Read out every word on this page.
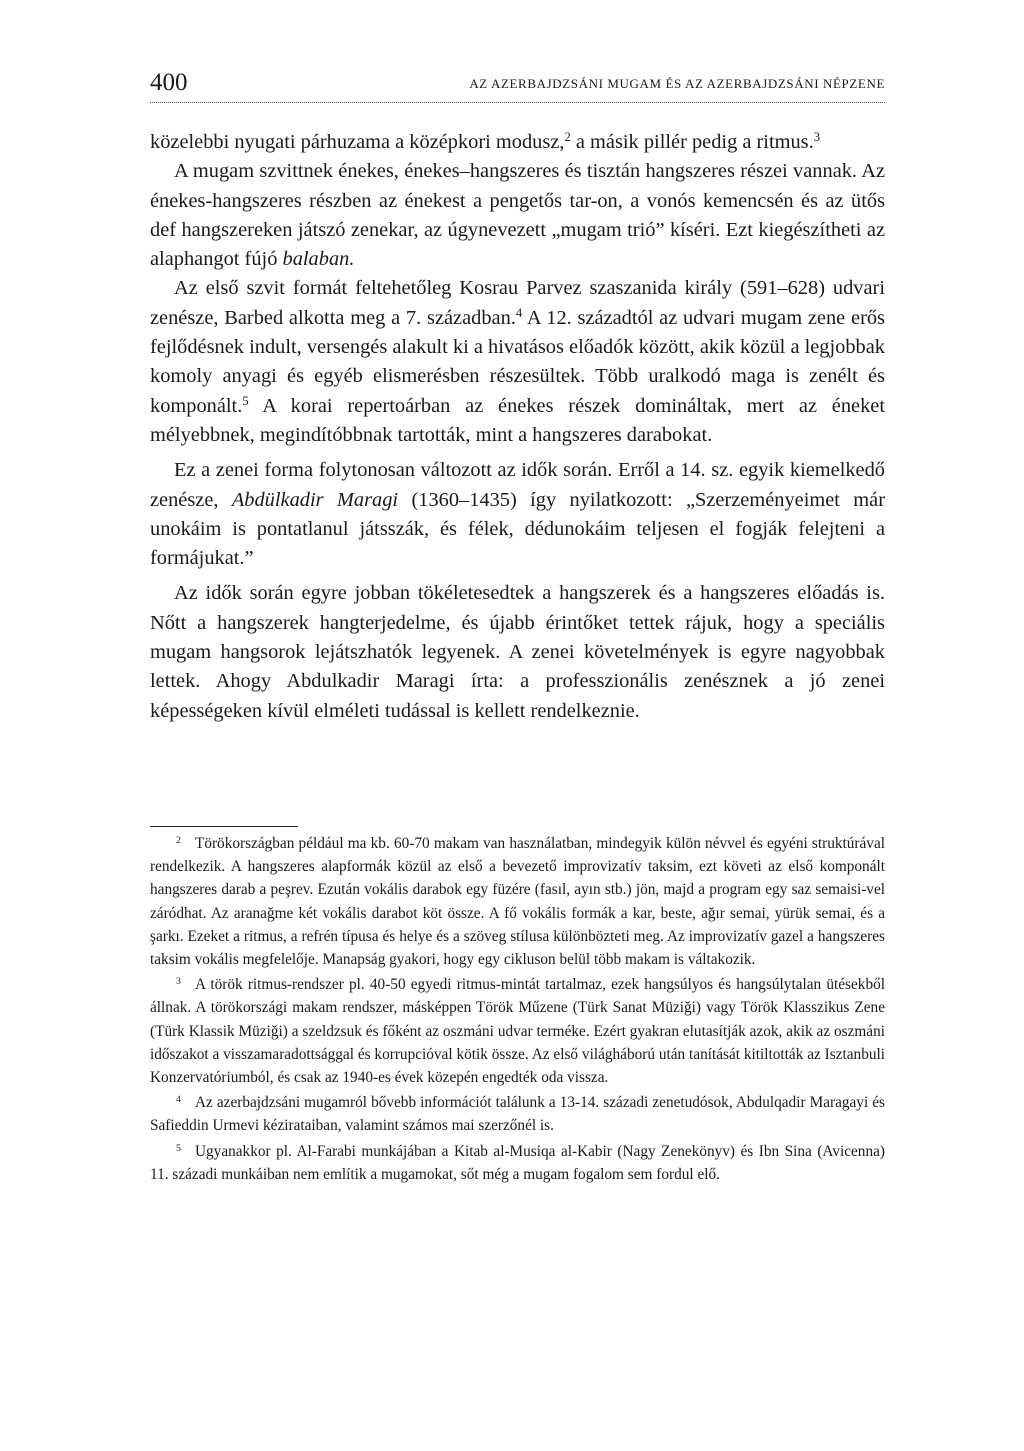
400	AZ AZERBAJDZSÁNI MUGAM ÉS AZ AZERBAJDZSÁNI NÉPZENE

közelebbi nyugati párhuzama a középkori modusz,$^2$ a másik pillér pedig a ritmus.$^3$

A mugam szvittnek énekes, énekes–hangszeres és tisztán hangszeres részei vannak. Az énekes-hangszeres részben az énekest a pengetős tar-on, a vonós kemencsén és az ütős def hangszereken játszó zenekar, az úgynevezett „mugam trió” kíséri. Ezt kiegészítheti az alaphangot fújó balaban.

Az első szvit formát feltehetőleg Kosrau Parvez szaszanida király (591–628) udvari zenésze, Barbed alkotta meg a 7. században.$^4$ A 12. századtól az udvari mugam zene erős fejlődésnek indult, versengés alakult ki a hivatásos előadók között, akik közül a legjobbak komoly anyagi és egyéb elismerésben részesültek. Több uralkodó maga is zenélt és komponált.$^5$ A korai repertoárban az énekes részek domináltak, mert az éneket mélyebbnek, megindítóbbnak tartották, mint a hangszeres darabokat.

Ez a zenei forma folytonosan változott az idők során. Erről a 14. sz. egyik kiemelkedő zenésze, Abdülkadir Maragi (1360–1435) így nyilatkozott: „Szerzeményeimet már unokáim is pontatlanul játsszák, és félek, dédunokáim teljesen el fogják felejteni a formájukat.”

Az idők során egyre jobban tökéletesedtek a hangszerek és a hangszeres előadás is. Nőtt a hangszerek hangterjedelme, és újabb érintőket tettek rájuk, hogy a speciális mugam hangsorok lejátszhatók legyenek. A zenei követelmények is egyre nagyobbak lettek. Ahogy Abdulkadir Maragi írta: a professzionális zenésznek a jó zenei képességeken kívül elméleti tudással is kellett rendelkeznie.

$^2$ Törökországban például ma kb. 60-70 makam van használatban, mindegyik külön névvel és egyéni struktúrával rendelkezik. A hangszeres alapformák közül az első a bevezető improvizatív taksim, ezt követi az első komponált hangszeres darab a peşrev. Ezután vokális darabok egy füzére (fasıl, ayın stb.) jön, majd a program egy saz semaisi-vel záródhat. Az aranağme két vokális darabot köt össze. A fő vokális formák a kar, beste, ağır semai, yürük semai, és a şarkı. Ezeket a ritmus, a refrén típusa és helye és a szöveg stílusa különbözteti meg. Az improvizatív gazel a hangszeres taksim vokális megfelelője. Manapság gyakori, hogy egy cikluson belül több makam is váltakozik.

$^3$ A török ritmus-rendszer pl. 40-50 egyedi ritmus-mintát tartalmaz, ezek hangsúlyos és hangsúlytalan ütésekből állnak. A törökországi makam rendszer, másképpen Török Műzene (Türk Sanat Müziği) vagy Török Klasszikus Zene (Türk Klassik Müziği) a szeldzsuk és főként az oszmáni udvar terméke. Ezért gyakran elutasítják azok, akik az oszmáni időszakot a visszamaradottsággal és korrupcióval kötik össze. Az első világháború után tanítását kitiltották az Isztanbuli Konzervatóriumból, és csak az 1940-es évek közepén engedték oda vissza.

$^4$ Az azerbajdzsáni mugamról bővebb információt találunk a 13-14. századi zenetudósok, Abdulqadir Maragayi és Safieddin Urmevi kézirataiban, valamint számos mai szerzőnél is.

$^5$ Ugyanakkor pl. Al-Farabi munkájában a Kitab al-Musiqa al-Kabir (Nagy Zenekönyv) és Ibn Sina (Avicenna) 11. századi munkáiban nem említik a mugamokat, sőt még a mugam fogalom sem fordul elő.
